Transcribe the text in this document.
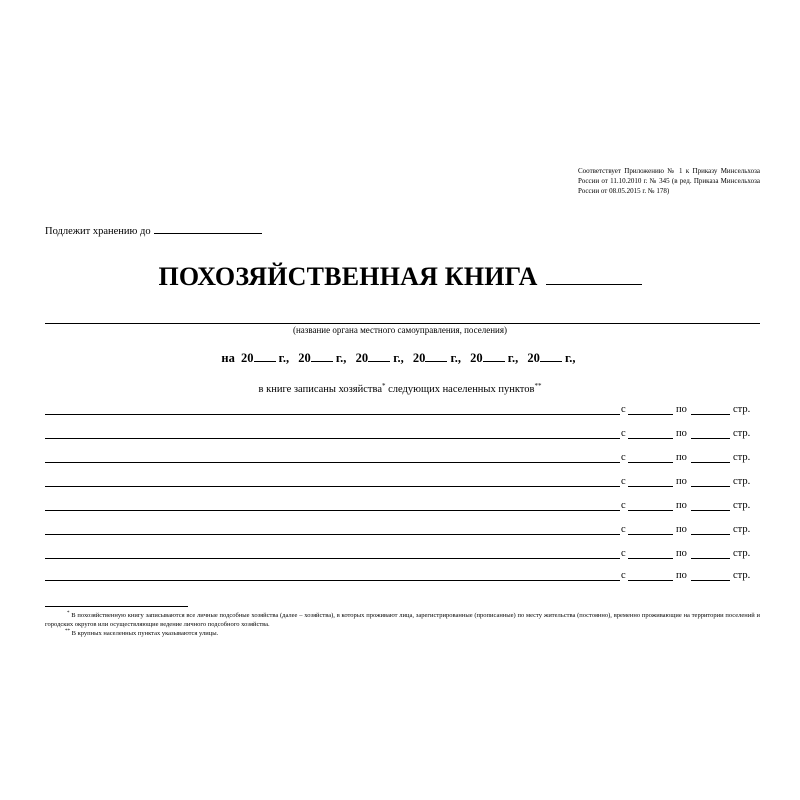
Соответствует Приложению № 1 к Приказу Минсельхоза России от 11.10.2010 г. № 345 (в ред. Приказа Минсельхоза России от 08.05.2015 г. № 178)
Подлежит хранению до
ПОХОЗЯЙСТВЕННАЯ КНИГА
(название органа местного самоуправления, поселения)
на 20 г., 20 г., 20 г., 20 г., 20 г., 20 г.,
в книге записаны хозяйства* следующих населенных пунктов**
с	по	стр.
с	по	стр.
с	по	стр.
с	по	стр.
с	по	стр.
с	по	стр.
с	по	стр.
с	по	стр.

* В похозяйственную книгу записываются все личные подсобные хозяйства (далее – хозяйства), в которых проживают лица, зарегистрированные (прописанные) по месту жительства (постоянно), временно проживающие на территории поселений и городских округов или осуществляющие ведение личного подсобного хозяйства.

** В крупных населенных пунктах указываются улицы.
